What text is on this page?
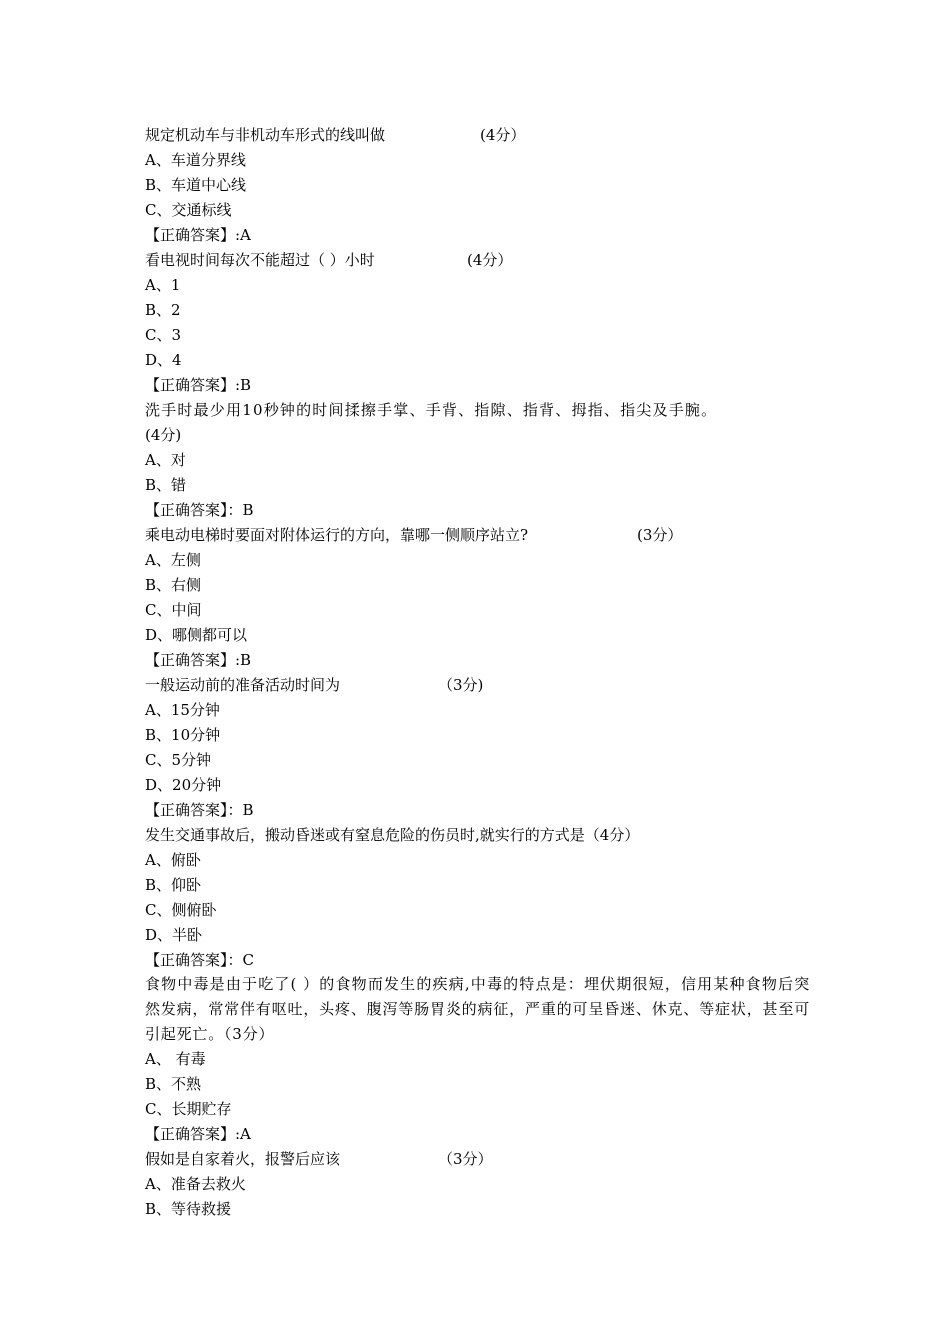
规定机动车与非机动车形式的线叫做	(4分）
A、车道分界线
B、车道中心线
C、交通标线
【正确答案】:A
看电视时间每次不能超过（ ）小时	(4分）
A、1
B、2
C、3
D、4
【正确答案】:B
洗手时最少用10秒钟的时间揉擦手掌、手背、指隙、指背、拇指、指尖及手腕。
(4分)
A、对
B、错
【正确答案】：B
乘电动电梯时要面对附体运行的方向，靠哪一侧顺序站立?	(3分）
A、左侧
B、右侧
C、中间
D、哪侧都可以
【正确答案】:B
一般运动前的准备活动时间为	（3分)
A、15分钟
B、10分钟
C、5分钟
D、20分钟
【正确答案】：B
发生交通事故后，搬动昏迷或有窒息危险的伤员时,就实行的方式是（4分）
A、俯卧
B、仰卧
C、侧俯卧
D、半卧
【正确答案】：C
食物中毒是由于吃了( ）的食物而发生的疾病,中毒的特点是：埋伏期很短，信用某种食物后突然发病，常常伴有呕吐，头疼、腹泻等肠胃炎的病征，严重的可呈昏迷、休克、等症状，甚至可引起死亡。（3分）
A、 有毒
B、不熟
C、长期贮存
【正确答案】:A
假如是自家着火，报警后应该	（3分）
A、准备去救火
B、等待救援
